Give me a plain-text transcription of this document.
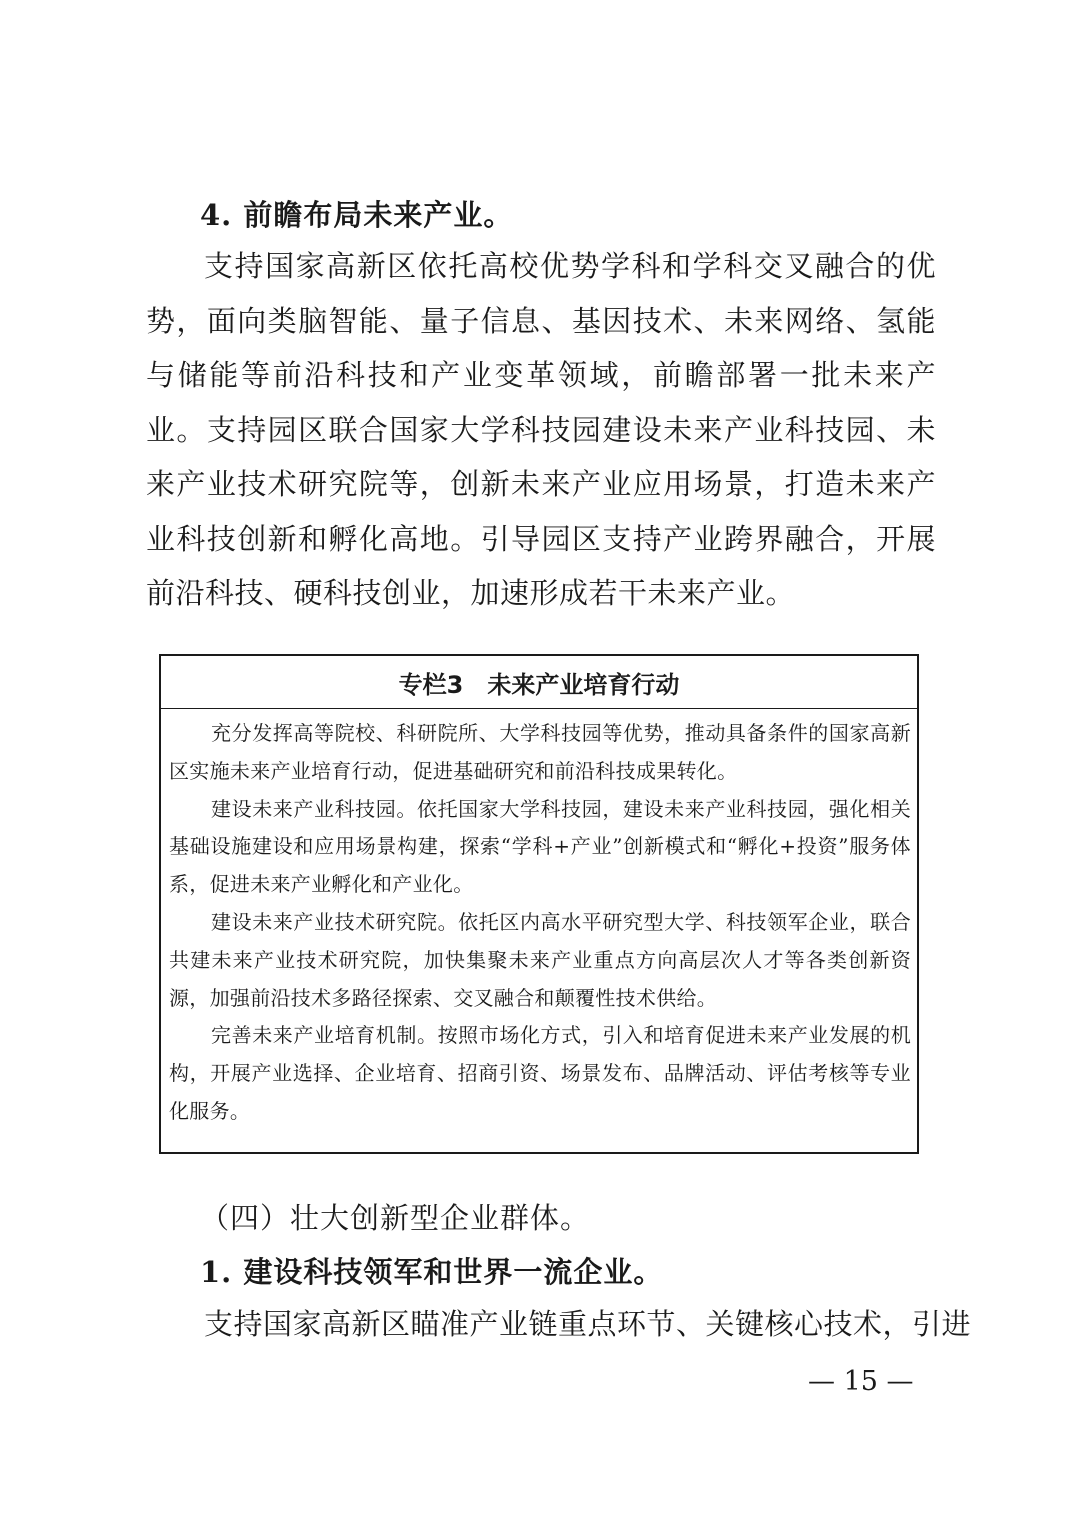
4. 前瞻布局未来产业。
支持国家高新区依托高校优势学科和学科交叉融合的优势，面向类脑智能、量子信息、基因技术、未来网络、氢能与储能等前沿科技和产业变革领域，前瞻部署一批未来产业。支持园区联合国家大学科技园建设未来产业科技园、未来产业技术研究院等，创新未来产业应用场景，打造未来产业科技创新和孵化高地。引导园区支持产业跨界融合，开展前沿科技、硬科技创业，加速形成若干未来产业。
专栏3　未来产业培育行动

充分发挥高等院校、科研院所、大学科技园等优势，推动具备条件的国家高新区实施未来产业培育行动，促进基础研究和前沿科技成果转化。

建设未来产业科技园。依托国家大学科技园，建设未来产业科技园，强化相关基础设施建设和应用场景构建，探索“学科+产业”创新模式和“孵化+投资”服务体系，促进未来产业孵化和产业化。

建设未来产业技术研究院。依托区内高水平研究型大学、科技领军企业，联合共建未来产业技术研究院，加快集聚未来产业重点方向高层次人才等各类创新资源，加强前沿技术多路径探索、交叉融合和颠覆性技术供给。

完善未来产业培育机制。按照市场化方式，引入和培育促进未来产业发展的机构，开展产业选择、企业培育、招商引资、场景发布、品牌活动、评估考核等专业化服务。

（四）壮大创新型企业群体。
1. 建设科技领军和世界一流企业。
支持国家高新区瞄准产业链重点环节、关键核心技术，引进
— 15 —
